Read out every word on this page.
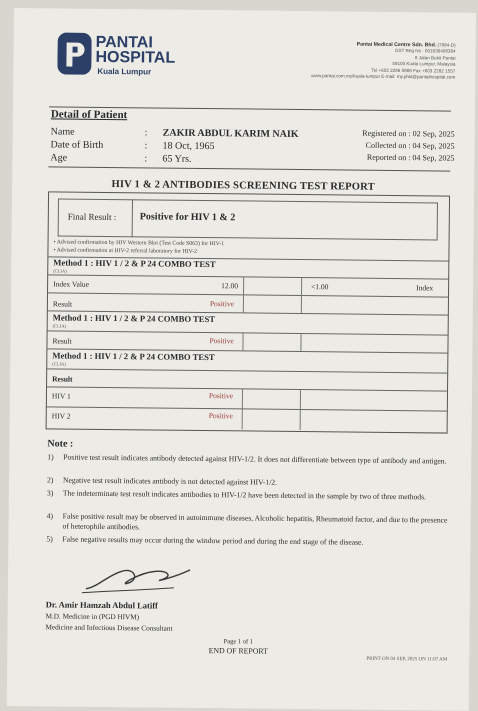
PANTAI
HOSPITAL
Kuala Lumpur
Pantai Medical Centre Sdn. Bhd. (7884-D)
GST Reg No : 001638408384
8 Jalan Bukit Pantai
59100 Kuala Lumpur, Malaysia
Tel +603 2296 0888 Fax +603 2282 1557
www.pantai.com.my/kuala-lumpur E-mail: my.phkl@pantaihospital.com
Detail of Patient
Name	: ZAKIR ABDUL KARIM NAIK
Date of Birth	: 18 Oct, 1965
Age	: 65 Yrs.
Registered on : 02 Sep, 2025
Collected on : 04 Sep, 2025
Reported on : 04 Sep, 2025
HIV 1 & 2 ANTIBODIES SCREENING TEST REPORT
Final Result : Positive for HIV 1 & 2
• Advised confirmation by HIV Western Blot (Test Code S063) for HIV-1
• Advised confirmation at HIV-2 referral laboratory for HIV-2
Method 1 : HIV 1 / 2 & P 24 COMBO TEST
(CLIA)
Index Value	12.00	<1.00	Index
Result	Positive
Method 1 : HIV 1 / 2 & P 24 COMBO TEST
(CLIA)
Result	Positive
Method 1 : HIV 1 / 2 & P 24 COMBO TEST
(CLIA)
Result
HIV 1	Positive
HIV 2	Positive
Note :
1) Positive test result indicates antibody detected against HIV-1/2. It does not differentiate between type of antibody and antigen.
2) Negative test result indicates antibody is not detected against HIV-1/2.
3) The indeterminate test result indicates antibodies to HIV-1/2 have been detected in the sample by two of three methods.
4) False positive result may be observed in autoimmune diseases, Alcoholic hepatitis, Rheumatoid factor, and due to the presence of heterophile antibodies.
5) False negative results may occur during the window period and during the end stage of the disease.
Dr. Amir Hamzah Abdul Latiff
M.D. Medicine in (PGD HIVM)
Medicine and Infectious Disease Consultant
Page 1 of 1
END OF REPORT
PRINT ON 04 SEP, 2025 ON 11:07 AM
